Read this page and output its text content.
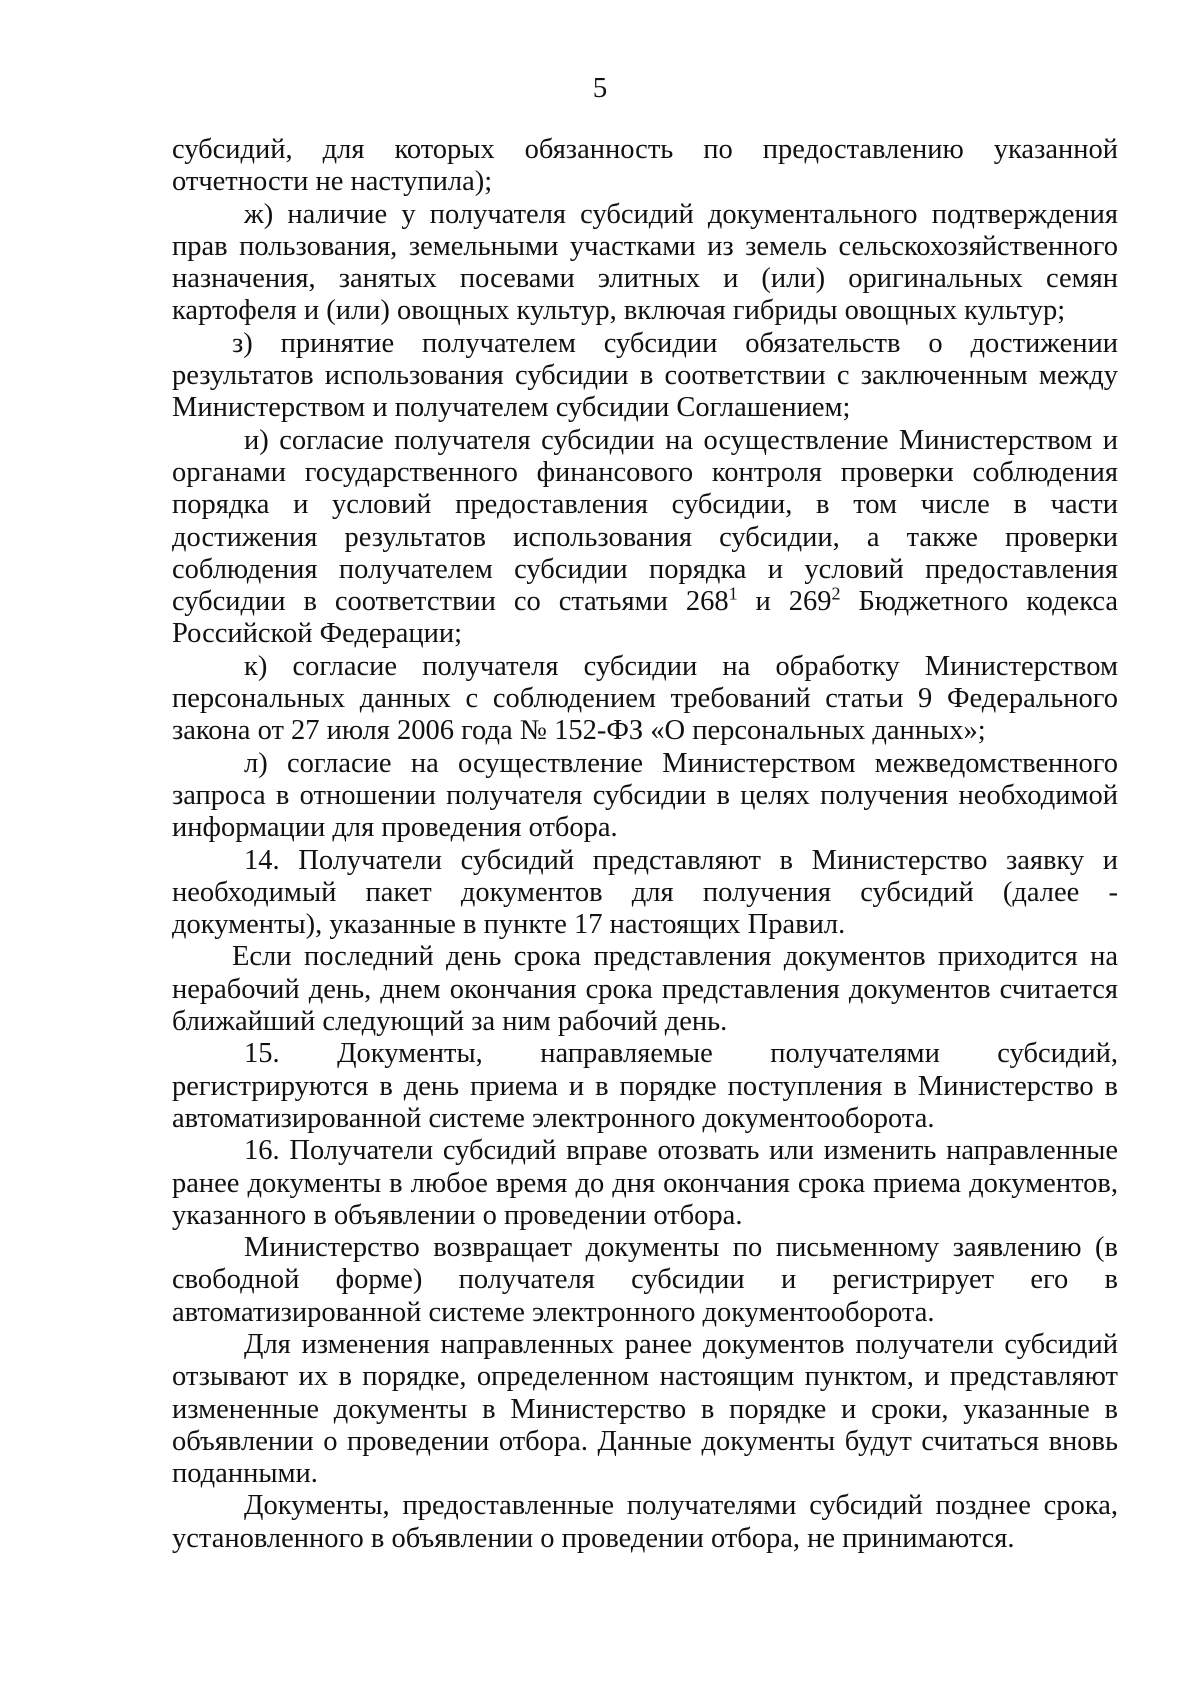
5

субсидий, для которых обязанность по предоставлению указанной отчетности не наступила);

ж) наличие у получателя субсидий документального подтверждения прав пользования, земельными участками из земель сельскохозяйственного назначения, занятых посевами элитных и (или) оригинальных семян картофеля и (или) овощных культур, включая гибриды овощных культур;

з) принятие получателем субсидии обязательств о достижении результатов использования субсидии в соответствии с заключенным между Министерством и получателем субсидии Соглашением;

и) согласие получателя субсидии на осуществление Министерством и органами государственного финансового контроля проверки соблюдения порядка и условий предоставления субсидии, в том числе в части достижения результатов использования субсидии, а также проверки соблюдения получателем субсидии порядка и условий предоставления субсидии в соответствии со статьями $268^1$ и $269^2$ Бюджетного кодекса Российской Федерации;

к) согласие получателя субсидии на обработку Министерством персональных данных с соблюдением требований статьи 9 Федерального закона от 27 июля 2006 года № 152-ФЗ «О персональных данных»;

л) согласие на осуществление Министерством межведомственного запроса в отношении получателя субсидии в целях получения необходимой информации для проведения отбора.

14. Получатели субсидий представляют в Министерство заявку и необходимый пакет документов для получения субсидий (далее - документы), указанные в пункте 17 настоящих Правил.

Если последний день срока представления документов приходится на нерабочий день, днем окончания срока представления документов считается ближайший следующий за ним рабочий день.

15. Документы, направляемые получателями субсидий, регистрируются в день приема и в порядке поступления в Министерство в автоматизированной системе электронного документооборота.

16. Получатели субсидий вправе отозвать или изменить направленные ранее документы в любое время до дня окончания срока приема документов, указанного в объявлении о проведении отбора.

Министерство возвращает документы по письменному заявлению (в свободной форме) получателя субсидии и регистрирует его в автоматизированной системе электронного документооборота.

Для изменения направленных ранее документов получатели субсидий отзывают их в порядке, определенном настоящим пунктом, и представляют измененные документы в Министерство в порядке и сроки, указанные в объявлении о проведении отбора. Данные документы будут считаться вновь поданными.

Документы, предоставленные получателями субсидий позднее срока, установленного в объявлении о проведении отбора, не принимаются.
